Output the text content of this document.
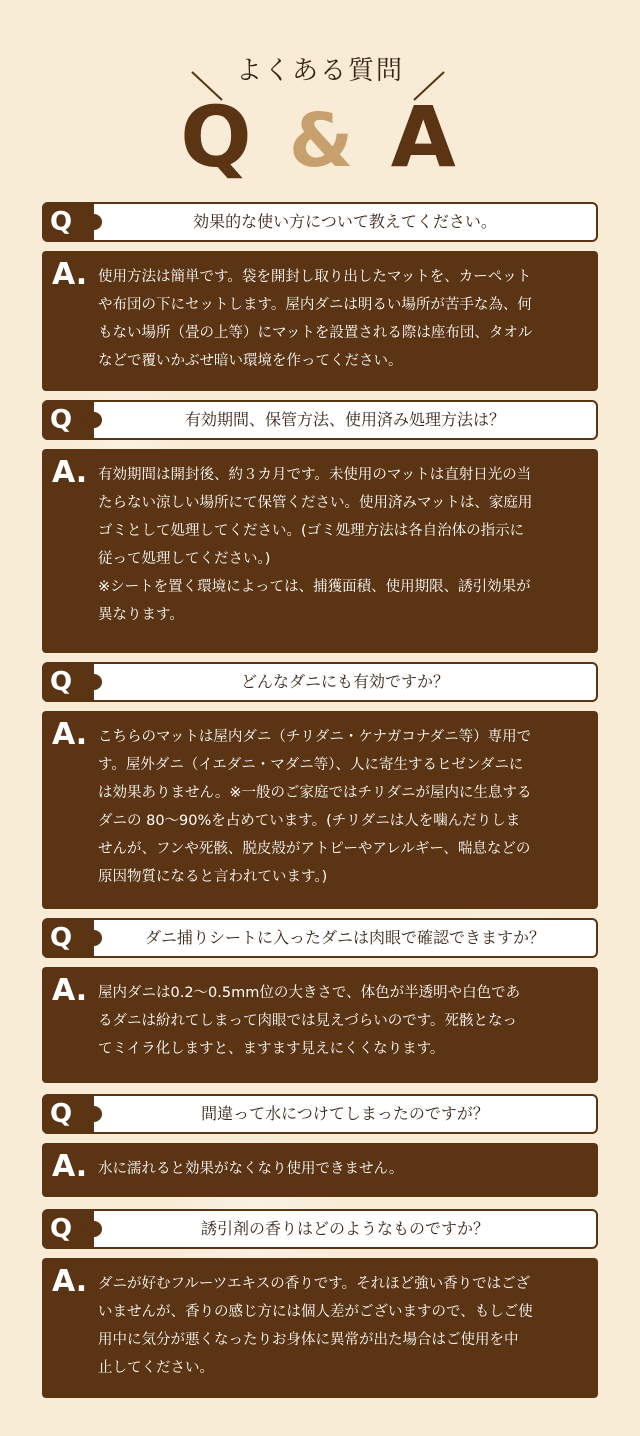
よくある質問
Q & A
Q	効果的な使い方について教えてください。
A. 使用方法は簡単です。袋を開封し取り出したマットを、カーペット
や布団の下にセットします。屋内ダニは明るい場所が苦手な為、何
もない場所（畳の上等）にマットを設置される際は座布団、タオル
などで覆いかぶせ暗い環境を作ってください。
Q	有効期間、保管方法、使用済み処理方法は？
A. 有効期間は開封後、約３カ月です。未使用のマットは直射日光の当
たらない涼しい場所にて保管ください。使用済みマットは、家庭用
ゴミとして処理してください。(ゴミ処理方法は各自治体の指示に
従って処理してください。)
※シートを置く環境によっては、捕獲面積、使用期限、誘引効果が
異なります。
Q	どんなダニにも有効ですか？
A. こちらのマットは屋内ダニ（チリダニ・ケナガコナダニ等）専用で
す。屋外ダニ（イエダニ・マダニ等）、人に寄生するヒゼンダニに
は効果ありません。※一般のご家庭ではチリダニが屋内に生息する
ダニの 80～90%を占めています。(チリダニは人を噛んだりしま
せんが、フンや死骸、脱皮殻がアトピーやアレルギー、喘息などの
原因物質になると言われています。)
Q	ダニ捕りシートに入ったダニは肉眼で確認できますか？
A. 屋内ダニは0.2～0.5mm位の大きさで、体色が半透明や白色であ
るダニは紛れてしまって肉眼では見えづらいのです。死骸となっ
てミイラ化しますと、ますます見えにくくなります。
Q	間違って水につけてしまったのですが？
A. 水に濡れると効果がなくなり使用できません。
Q	誘引剤の香りはどのようなものですか？
A. ダニが好むフルーツエキスの香りです。それほど強い香りではござ
いませんが、香りの感じ方には個人差がございますので、もしご使
用中に気分が悪くなったりお身体に異常が出た場合はご使用を中
止してください。
